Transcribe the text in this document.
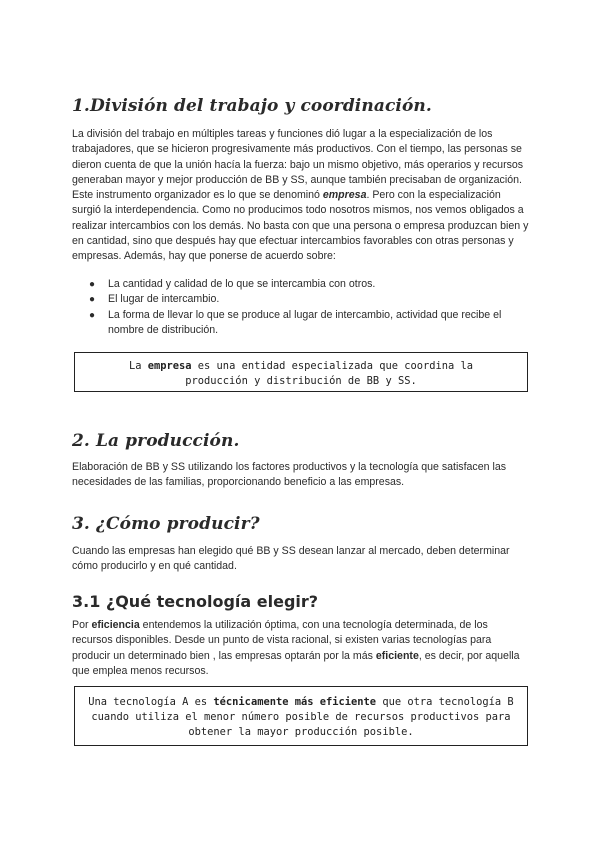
1.División del trabajo y coordinación.

La división del trabajo en múltiples tareas y funciones dió lugar a la especialización de los trabajadores, que se hicieron progresivamente más productivos. Con el tiempo, las personas se dieron cuenta de que la unión hacía la fuerza: bajo un mismo objetivo, más operarios y recursos generaban mayor y mejor producción de BB y SS, aunque también precisaban de organización. Este instrumento organizador es lo que se denominó empresa. Pero con la especialización surgió la interdependencia. Como no producimos todo nosotros mismos, nos vemos obligados a realizar intercambios con los demás. No basta con que una persona o empresa produzcan bien y en cantidad, sino que después hay que efectuar intercambios favorables con otras personas y empresas. Además, hay que ponerse de acuerdo sobre:

● La cantidad y calidad de lo que se intercambia con otros.
● El lugar de intercambio.
● La forma de llevar lo que se produce al lugar de intercambio, actividad que recibe el nombre de distribución.
La empresa es una entidad especializada que coordina la producción y distribución de BB y SS.
2. La producción.

Elaboración de BB y SS utilizando los factores productivos y la tecnología que satisfacen las necesidades de las familias, proporcionando beneficio a las empresas.

3. ¿Cómo producir?

Cuando las empresas han elegido qué BB y SS desean lanzar al mercado, deben determinar cómo producirlo y en qué cantidad.

3.1 ¿Qué tecnología elegir?

Por eficiencia entendemos la utilización óptima, con una tecnología determinada, de los recursos disponibles. Desde un punto de vista racional, si existen varias tecnologías para producir un determinado bien , las empresas optarán por la más eficiente, es decir, por aquella que emplea menos recursos.

Una tecnología A es técnicamente más eficiente que otra tecnología B cuando utiliza el menor número posible de recursos productivos para obtener la mayor producción posible.
